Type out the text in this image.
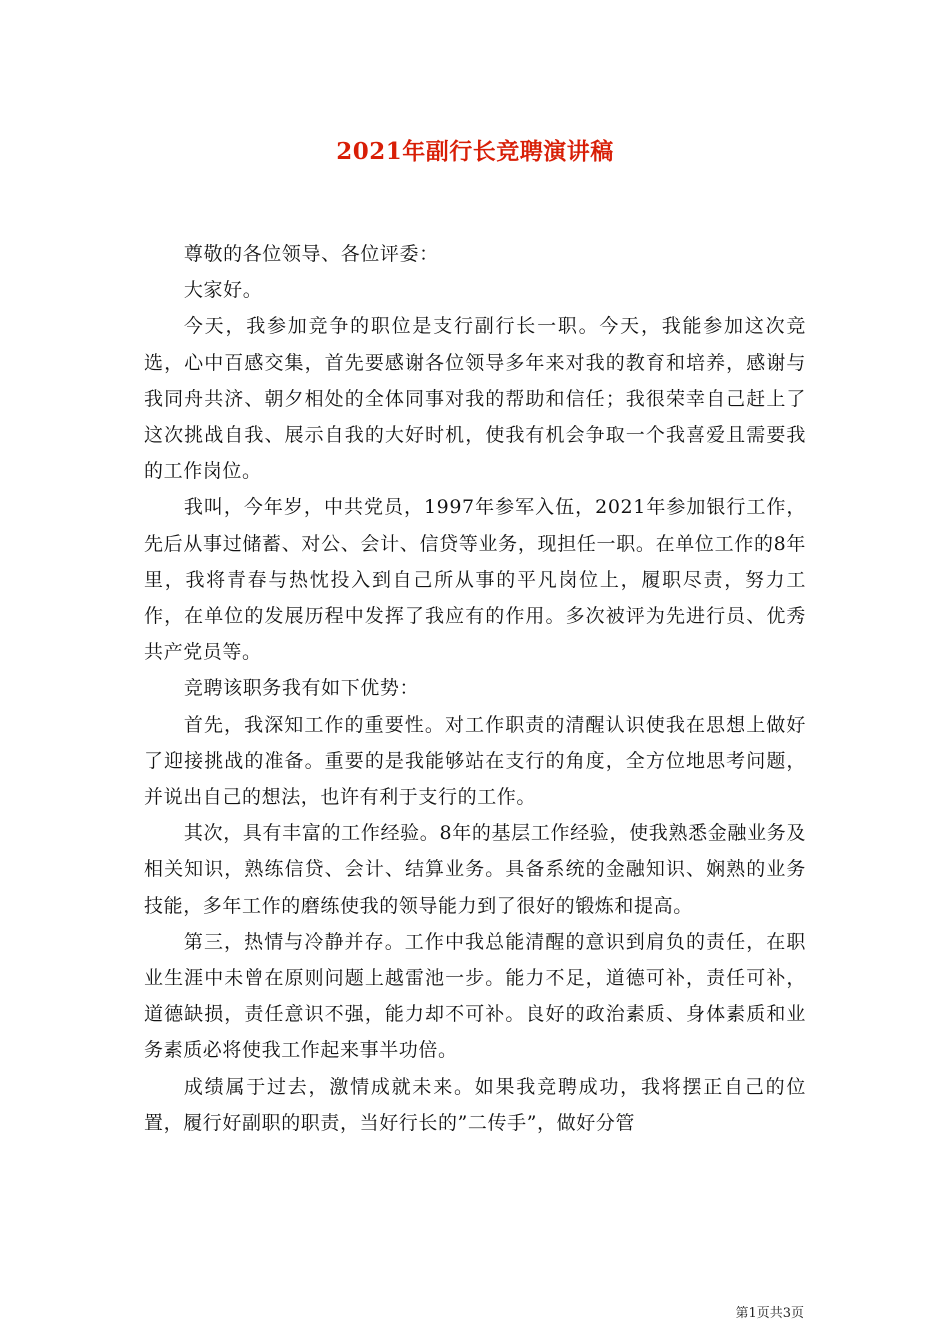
2021年副行长竞聘演讲稿

尊敬的各位领导、各位评委：

大家好。

今天，我参加竞争的职位是支行副行长一职。今天，我能参加这次竞选，心中百感交集，首先要感谢各位领导多年来对我的教育和培养，感谢与我同舟共济、朝夕相处的全体同事对我的帮助和信任；我很荣幸自己赶上了这次挑战自我、展示自我的大好时机，使我有机会争取一个我喜爱且需要我的工作岗位。

我叫，今年岁，中共党员，1997年参军入伍，2021年参加银行工作，先后从事过储蓄、对公、会计、信贷等业务，现担任一职。在单位工作的8年里，我将青春与热忱投入到自己所从事的平凡岗位上，履职尽责，努力工作，在单位的发展历程中发挥了我应有的作用。多次被评为先进行员、优秀共产党员等。

竞聘该职务我有如下优势：

首先，我深知工作的重要性。对工作职责的清醒认识使我在思想上做好了迎接挑战的准备。重要的是我能够站在支行的角度，全方位地思考问题，并说出自己的想法，也许有利于支行的工作。

其次，具有丰富的工作经验。8年的基层工作经验，使我熟悉金融业务及相关知识，熟练信贷、会计、结算业务。具备系统的金融知识、娴熟的业务技能，多年工作的磨练使我的领导能力到了很好的锻炼和提高。

第三，热情与冷静并存。工作中我总能清醒的意识到肩负的责任，在职业生涯中未曾在原则问题上越雷池一步。能力不足，道德可补，责任可补，道德缺损，责任意识不强，能力却不可补。良好的政治素质、身体素质和业务素质必将使我工作起来事半功倍。

成绩属于过去，激情成就未来。如果我竞聘成功，我将摆正自己的位置，履行好副职的职责，当好行长的”二传手”，做好分管

第1页共3页
